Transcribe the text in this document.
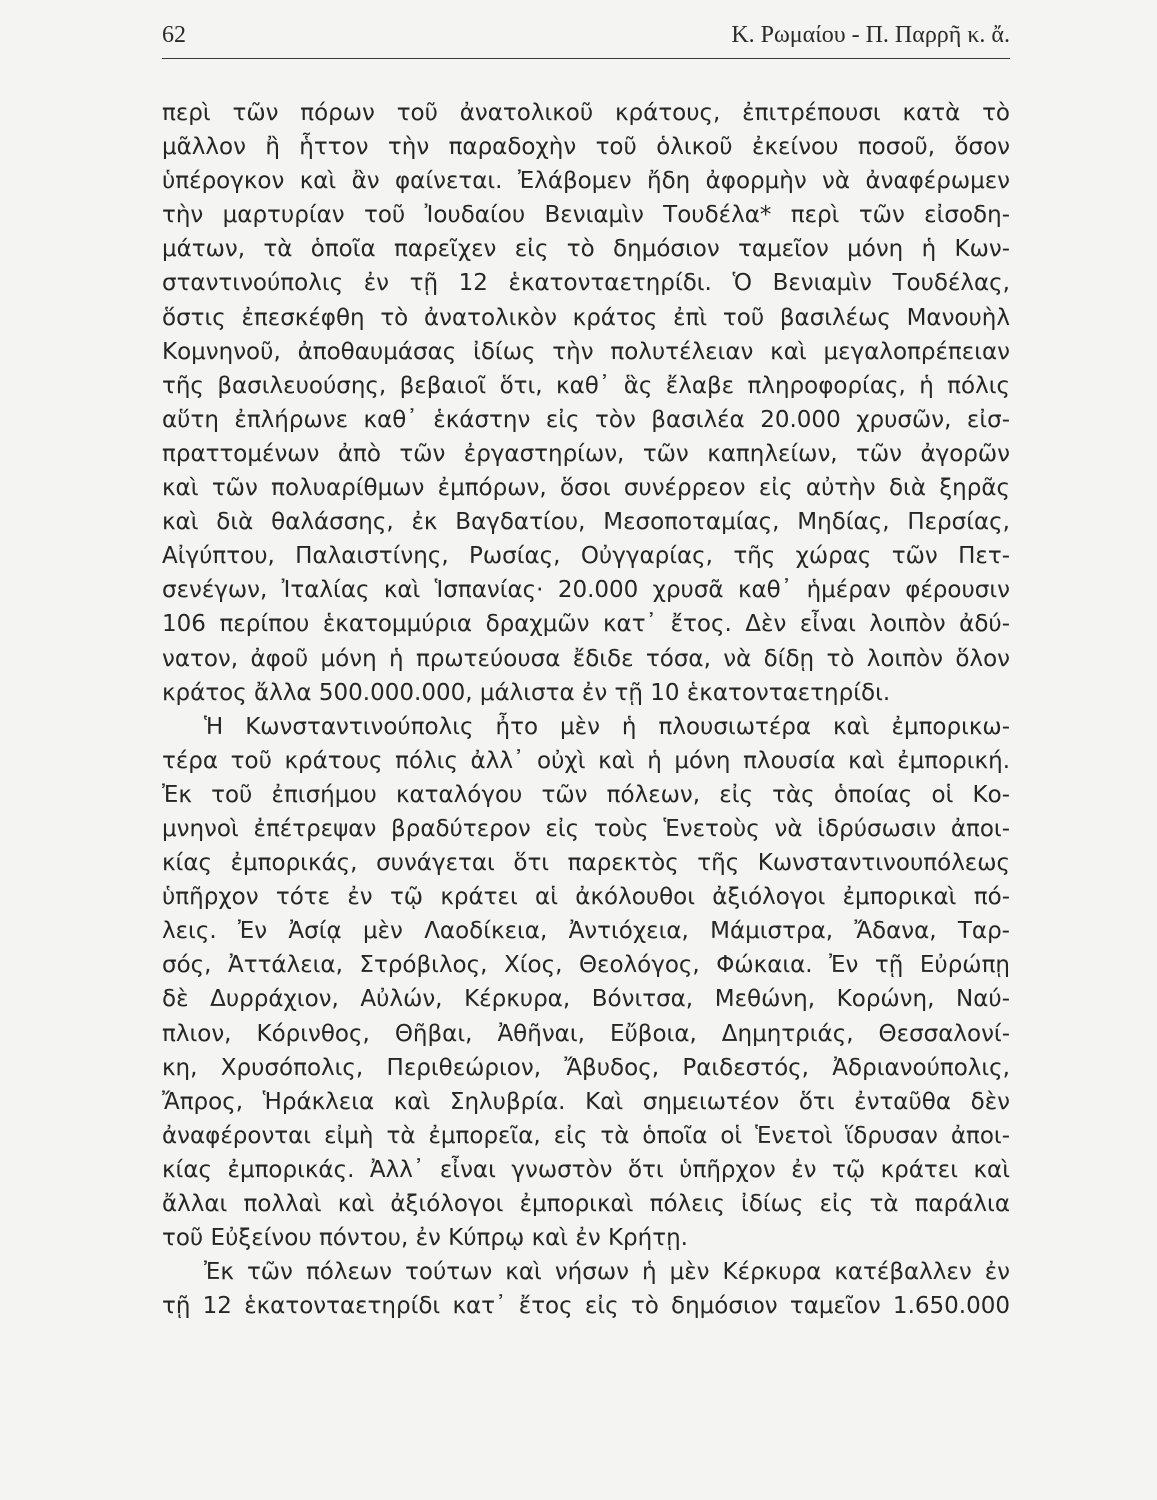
62	Κ. Ρωμαίου - Π. Παρρῆ κ. ἄ.
περὶ τῶν πόρων τοῦ ἀνατολικοῦ κράτους, ἐπιτρέπουσι κατὰ τὸ
μᾶλλον ἢ ἧττον τὴν παραδοχὴν τοῦ ὁλικοῦ ἐκείνου ποσοῦ, ὅσον
ὑπέρογκον καὶ ἂν φαίνεται. Ἐλάβομεν ἤδη ἀφορμὴν νὰ ἀναφέρωμεν
τὴν μαρτυρίαν τοῦ Ἰουδαίου Βενιαμὶν Τουδέλα* περὶ τῶν εἰσοδη-
μάτων, τὰ ὁποῖα παρεῖχεν εἰς τὸ δημόσιον ταμεῖον μόνη ἡ Κων-
σταντινούπολις ἐν τῇ 12 ἑκατονταετηρίδι. Ὁ Βενιαμὶν Τουδέλας,
ὅστις ἐπεσκέφθη τὸ ἀνατολικὸν κράτος ἐπὶ τοῦ βασιλέως Μανουὴλ
Κομνηνοῦ, ἀποθαυμάσας ἰδίως τὴν πολυτέλειαν καὶ μεγαλοπρέπειαν
τῆς βασιλευούσης, βεβαιοῖ ὅτι, καθ᾽ ἃς ἔλαβε πληροφορίας, ἡ πόλις
αὕτη ἐπλήρωνε καθ᾽ ἑκάστην εἰς τὸν βασιλέα 20.000 χρυσῶν, εἰσ-
πραττομένων ἀπὸ τῶν ἐργαστηρίων, τῶν καπηλείων, τῶν ἀγορῶν
καὶ τῶν πολυαρίθμων ἐμπόρων, ὅσοι συνέρρεον εἰς αὐτὴν διὰ ξηρᾶς
καὶ διὰ θαλάσσης, ἐκ Βαγδατίου, Μεσοποταμίας, Μηδίας, Περσίας,
Αἰγύπτου, Παλαιστίνης, Ρωσίας, Οὐγγαρίας, τῆς χώρας τῶν Πετ-
σενέγων, Ἰταλίας καὶ Ἱσπανίας· 20.000 χρυσᾶ καθ᾽ ἡμέραν φέρουσιν
106 περίπου ἑκατομμύρια δραχμῶν κατ᾽ ἔτος. Δὲν εἶναι λοιπὸν ἀδύ-
νατον, ἀφοῦ μόνη ἡ πρωτεύουσα ἔδιδε τόσα, νὰ δίδῃ τὸ λοιπὸν ὅλον
κράτος ἄλλα 500.000.000, μάλιστα ἐν τῇ 10 ἑκατονταετηρίδι.
Ἡ Κωνσταντινούπολις ἦτο μὲν ἡ πλουσιωτέρα καὶ ἐμπορικω-
τέρα τοῦ κράτους πόλις ἀλλ᾽ οὐχὶ καὶ ἡ μόνη πλουσία καὶ ἐμπορική.
Ἐκ τοῦ ἐπισήμου καταλόγου τῶν πόλεων, εἰς τὰς ὁποίας οἱ Κο-
μνηνοὶ ἐπέτρεψαν βραδύτερον εἰς τοὺς Ἑνετοὺς νὰ ἱδρύσωσιν ἀποι-
κίας ἐμπορικάς, συνάγεται ὅτι παρεκτὸς τῆς Κωνσταντινουπόλεως
ὑπῆρχον τότε ἐν τῷ κράτει αἱ ἀκόλουθοι ἀξιόλογοι ἐμπορικαὶ πό-
λεις. Ἐν Ἀσίᾳ μὲν Λαοδίκεια, Ἀντιόχεια, Μάμιστρα, Ἄδανα, Ταρ-
σός, Ἀττάλεια, Στρόβιλος, Χίος, Θεολόγος, Φώκαια. Ἐν τῇ Εὐρώπῃ
δὲ Δυρράχιον, Αὐλών, Κέρκυρα, Βόνιτσα, Μεθώνη, Κορώνη, Ναύ-
πλιον, Κόρινθος, Θῆβαι, Ἀθῆναι, Εὔβοια, Δημητριάς, Θεσσαλονί-
κη, Χρυσόπολις, Περιθεώριον, Ἄβυδος, Ραιδεστός, Ἀδριανούπολις,
Ἄπρος, Ἡράκλεια καὶ Σηλυβρία. Καὶ σημειωτέον ὅτι ἐνταῦθα δὲν
ἀναφέρονται εἰμὴ τὰ ἐμπορεῖα, εἰς τὰ ὁποῖα οἱ Ἑνετοὶ ἵδρυσαν ἀποι-
κίας ἐμπορικάς. Ἀλλ᾽ εἶναι γνωστὸν ὅτι ὑπῆρχον ἐν τῷ κράτει καὶ
ἄλλαι πολλαὶ καὶ ἀξιόλογοι ἐμπορικαὶ πόλεις ἰδίως εἰς τὰ παράλια
τοῦ Εὐξείνου πόντου, ἐν Κύπρῳ καὶ ἐν Κρήτῃ.
Ἐκ τῶν πόλεων τούτων καὶ νήσων ἡ μὲν Κέρκυρα κατέβαλλεν ἐν
τῇ 12 ἑκατονταετηρίδι κατ᾽ ἔτος εἰς τὸ δημόσιον ταμεῖον 1.650.000
